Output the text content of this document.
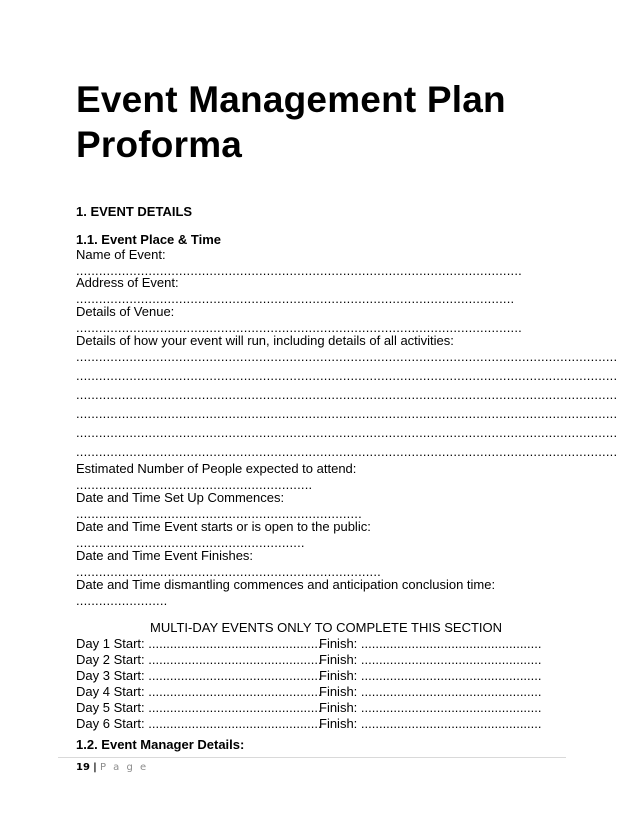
Event Management Plan
Proforma
1. EVENT DETAILS
1.1. Event Place & Time
Name of Event:
.....................................................................................................................
Address of Event:
...................................................................................................................
Details of Venue:
.....................................................................................................................
Details of how your event will run, including details of all activities:
..............................................................................................................................................
..............................................................................................................................................
..............................................................................................................................................
..............................................................................................................................................
..............................................................................................................................................
..............................................................................................................................................
Estimated Number of People expected to attend:
..............................................................
Date and Time Set Up Commences:
...........................................................................
Date and Time Event starts or is open to the public:
............................................................
Date and Time Event Finishes:
................................................................................
Date and Time dismantling commences and anticipation conclusion time:
........................
MULTI-DAY EVENTS ONLY TO COMPLETE THIS SECTION
Day 1 Start: ................................................
Finish: ..................................................
Day 2 Start: ................................................
Finish: ..................................................
Day 3 Start: ................................................
Finish: ..................................................
Day 4 Start: ................................................
Finish: ..................................................
Day 5 Start: ................................................
Finish: ..................................................
Day 6 Start: ................................................
Finish: ..................................................
1.2. Event Manager Details:
19 | P a g e
